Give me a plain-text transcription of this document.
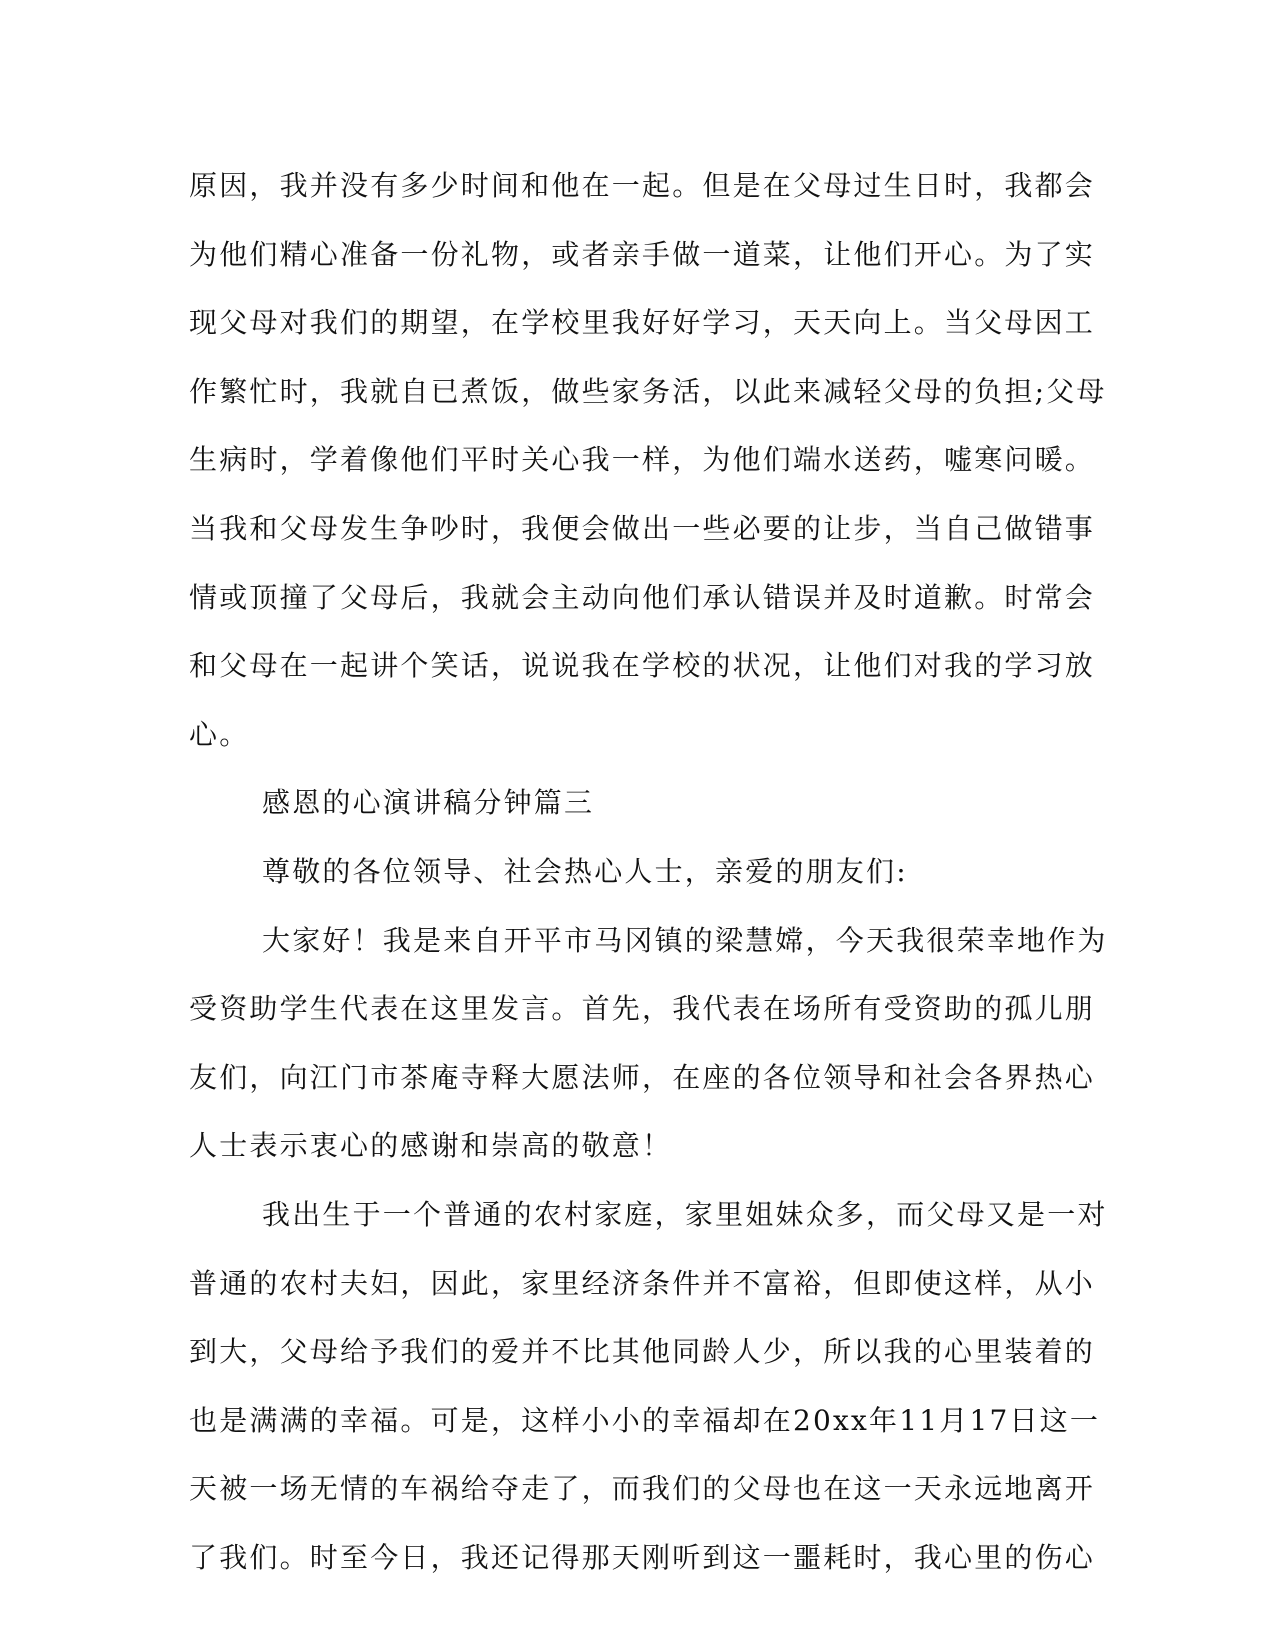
原因，我并没有多少时间和他在一起。但是在父母过生日时，我都会
为他们精心准备一份礼物，或者亲手做一道菜，让他们开心。为了实
现父母对我们的期望，在学校里我好好学习，天天向上。当父母因工
作繁忙时，我就自已煮饭，做些家务活，以此来减轻父母的负担;父母
生病时，学着像他们平时关心我一样，为他们端水送药，嘘寒问暖。
当我和父母发生争吵时，我便会做出一些必要的让步，当自己做错事
情或顶撞了父母后，我就会主动向他们承认错误并及时道歉。时常会
和父母在一起讲个笑话，说说我在学校的状况，让他们对我的学习放
心。
感恩的心演讲稿分钟篇三
尊敬的各位领导、社会热心人士，亲爱的朋友们:
大家好！我是来自开平市马冈镇的梁慧嫦，今天我很荣幸地作为
受资助学生代表在这里发言。首先，我代表在场所有受资助的孤儿朋
友们，向江门市茶庵寺释大愿法师，在座的各位领导和社会各界热心
人士表示衷心的感谢和崇高的敬意！
我出生于一个普通的农村家庭，家里姐妹众多，而父母又是一对
普通的农村夫妇，因此，家里经济条件并不富裕，但即使这样，从小
到大，父母给予我们的爱并不比其他同龄人少，所以我的心里装着的
也是满满的幸福。可是，这样小小的幸福却在20xx年11月17日这一
天被一场无情的车祸给夺走了，而我们的父母也在这一天永远地离开
了我们。时至今日，我还记得那天刚听到这一噩耗时，我心里的伤心
